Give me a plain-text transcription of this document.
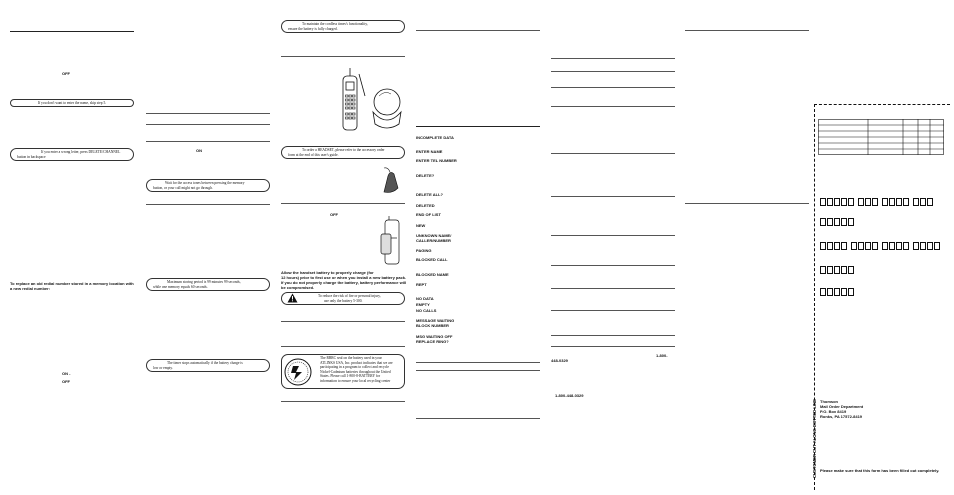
OFF
If you don't want to enter the name, skip step 5.
If you enter a wrong letter, press DELETE/CHANNEL
button in backspace
To replace an old redial number stored in a memory location with
a new redial number:
ON -
OFF
ON
Wait for the access tones between pressing the memory
button, or your call might not go through.
Maximum storing period is 99 minutes 99 seconds,
while one memory equals 60 seconds.
The timer stops automatically if the battery charge is
low or empty.
To maintain the cordless times's functionality,
ensure the battery is fully charged.
To order a HEADSET, please refer to the accessory order
form at the end of this user's guide.
OFF
Allow the handset battery to properly charge (for
12 hours) prior to first use or when you install a new battery pack.
If you do not properly charge the battery, battery performance will
be compromised.
To reduce the risk of fire or personal injury,
use only the battery 5-300.
The RBRC seal on the battery used in your
ATLINKS USA, Inc. product indicates that we are
participating in a program to collect and recycle
Nickel-Cadmium batteries throughout the United
States. Please call 1-800-8-BATTERY for
information to ensure your local recycling center
INCOMPLETE DATA
ENTER NAME
ENTER TEL NUMBER
DELETE?
DELETE ALL?
DELETED
END OF LIST
NEW
UNKNOWN NAME/
CALLER/NUMBER
PAGING
BLOCKED CALL
BLOCKED NAME
REPT
NO DATA
EMPTY
NO CALLS
MESSAGE WAITING
BLOCK NUMBER
MSG WAITING OFF
REPLACE RING?
1-800-
448-0329
1-800-448-0329
CUSTOMER CUT ALONG DOTTED LINE Thomson
Mail Order Department
P.O. Box 8419
Ronks, PA 17572-8419
Please make sure that this form has been filled out completely.
